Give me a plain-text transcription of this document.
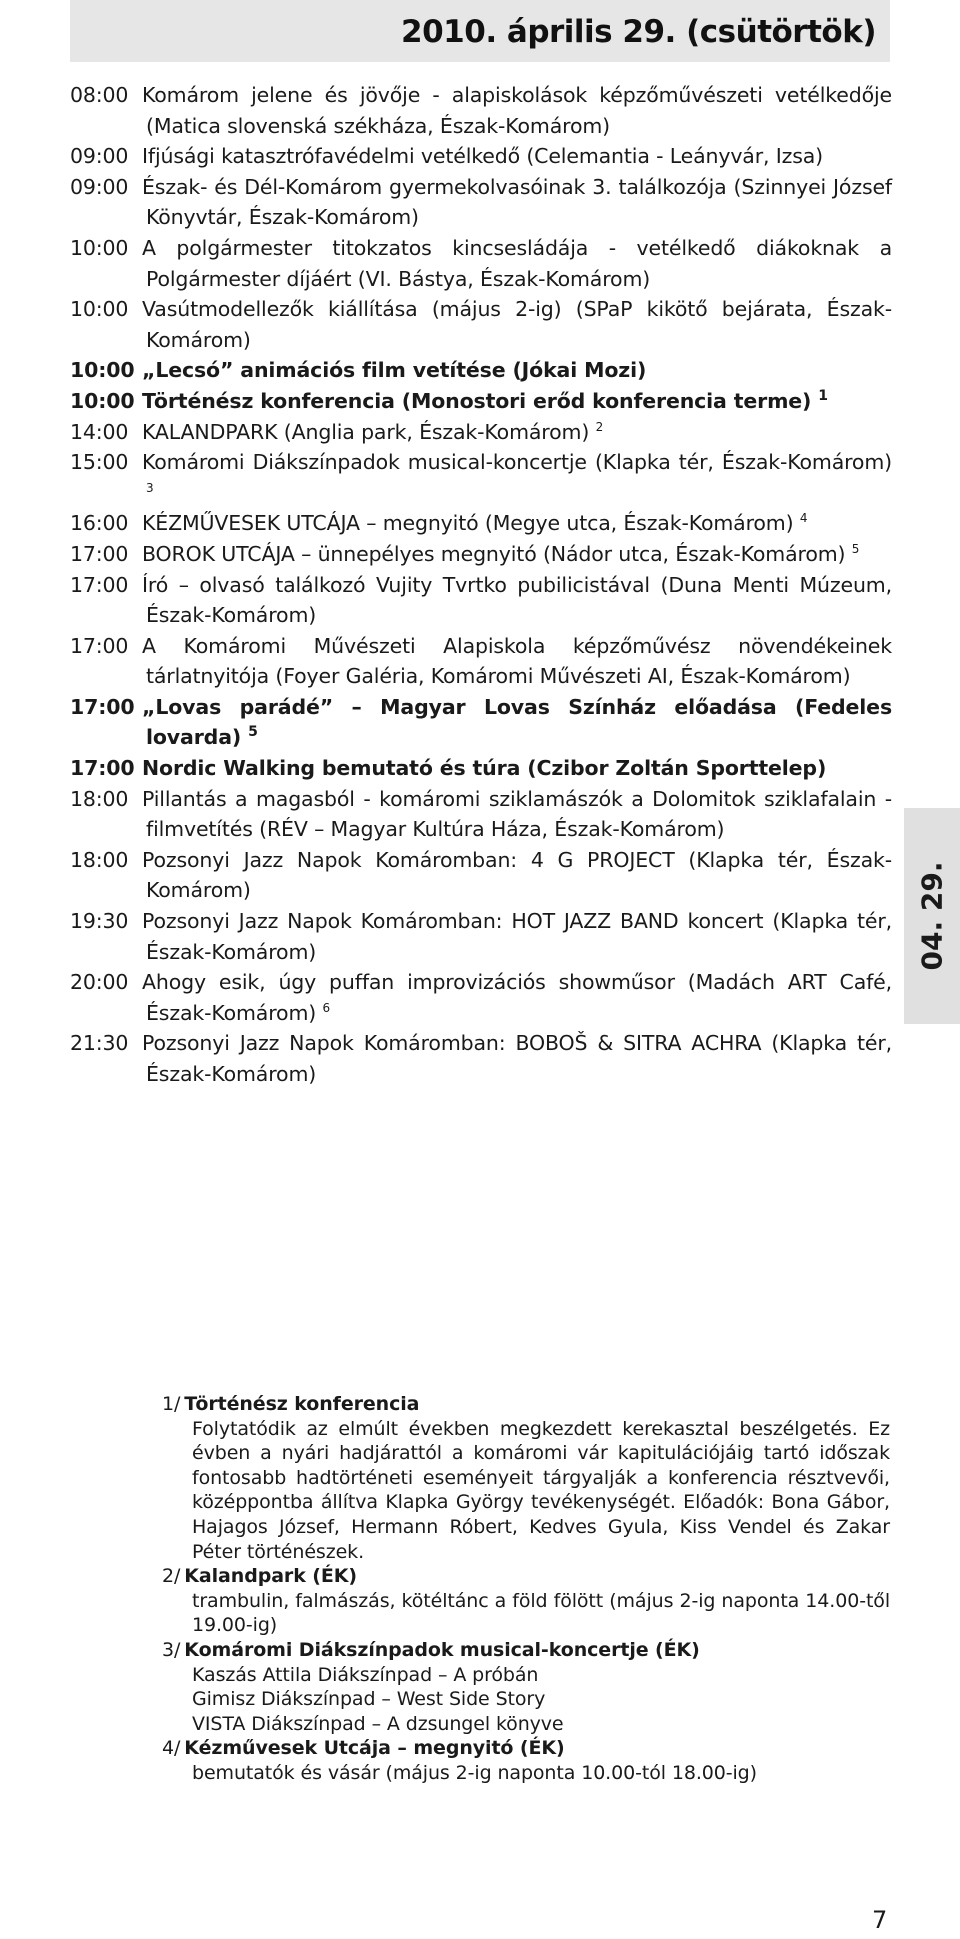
2010. április 29. (csütörtök)
08:00 Komárom jelene és jövője - alapiskolások képzőművészeti vetélkedője (Matica slovenská székháza, Észak-Komárom)
09:00 Ifjúsági katasztrófavédelmi vetélkedő (Celemantia - Leányvár, Izsa)
09:00 Észak- és Dél-Komárom gyermekolvasóinak 3. találkozója (Szinnyei József Könyvtár, Észak-Komárom)
10:00 A polgármester titokzatos kincsesládája - vetélkedő diákoknak a Polgármester díjáért (VI. Bástya, Észak-Komárom)
10:00 Vasútmodellezők kiállítása (május 2-ig) (SPaP kikötő bejárata, Észak-Komárom)
10:00 „Lecsó” animációs film vetítése (Jókai Mozi)
10:00 Történész konferencia (Monostori erőd konferencia terme) $^1$
14:00 KALANDPARK (Anglia park, Észak-Komárom) $^2$
15:00 Komáromi Diákszínpadok musical-koncertje (Klapka tér, Észak-Komárom) $^3$
16:00 KÉZMŰVESEK UTCÁJA – megnyitó (Megye utca, Észak-Komárom) $^4$
17:00 BOROK UTCÁJA – ünnepélyes megnyitó (Nádor utca, Észak-Komárom) $^5$
17:00 Író – olvasó találkozó Vujity Tvrtko pubilicistával (Duna Menti Múzeum, Észak-Komárom)
17:00 A Komáromi Művészeti Alapiskola képzőművész növendékeinek tárlatnyitója (Foyer Galéria, Komáromi Művészeti AI, Észak-Komárom)
17:00 „Lovas parádé” – Magyar Lovas Színház előadása (Fedeles lovarda) $^5$
17:00 Nordic Walking bemutató és túra (Czibor Zoltán Sporttelep)
18:00 Pillantás a magasból - komáromi sziklamászók a Dolomitok sziklafalain - filmvetítés (RÉV – Magyar Kultúra Háza, Észak-Komárom)
18:00 Pozsonyi Jazz Napok Komáromban: 4 G PROJECT (Klapka tér, Észak-Komárom)
19:30 Pozsonyi Jazz Napok Komáromban: HOT JAZZ BAND koncert (Klapka tér, Észak-Komárom)
20:00 Ahogy esik, úgy puffan improvizációs showműsor (Madách ART Café, Észak-Komárom) $^6$
21:30 Pozsonyi Jazz Napok Komáromban: BOBOŠ & SITRA ACHRA (Klapka tér, Észak-Komárom)
04. 29.
1/ Történész konferencia
Folytatódik az elmúlt években megkezdett kerekasztal beszélgetés. Ez évben a nyári hadjárattól a komáromi vár kapitulációjáig tartó időszak fontosabb hadtörténeti eseményeit tárgyalják a konferencia résztvevői, középpontba állítva Klapka György tevékenységét. Előadók: Bona Gábor, Hajagos József, Hermann Róbert, Kedves Gyula, Kiss Vendel és Zakar Péter történészek.
2/ Kalandpark (ÉK)
trambulin, falmászás, kötéltánc a föld fölött (május 2-ig naponta 14.00-től 19.00-ig)
3/ Komáromi Diákszínpadok musical-koncertje (ÉK)
Kaszás Attila Diákszínpad – A próbán
Gimisz Diákszínpad – West Side Story
VISTA Diákszínpad – A dzsungel könyve
4/ Kézművesek Utcája – megnyitó (ÉK)
bemutatók és vásár (május 2-ig naponta 10.00-tól 18.00-ig)
7
